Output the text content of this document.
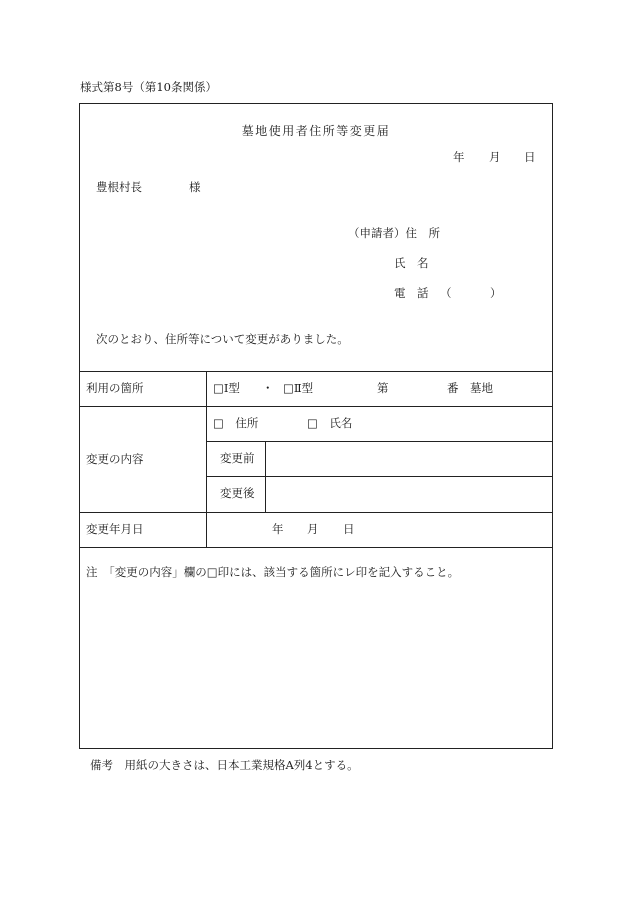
様式第8号（第10条関係）
墓地使用者住所等変更届
年 月 日
豊根村長	様
（申請者）住　所
氏　名
電　話 （	）
次のとおり、住所等について変更がありました。
利用の箇所	□Ⅰ型 ・ □Ⅱ型	第	番 墓地
変更の内容
□　住所	□　氏名
変更前
変更後
変更年月日	年 月 日
注　「変更の内容」欄の□印には、該当する箇所にレ印を記入すること。
備考　用紙の大きさは、日本工業規格A列4とする。
